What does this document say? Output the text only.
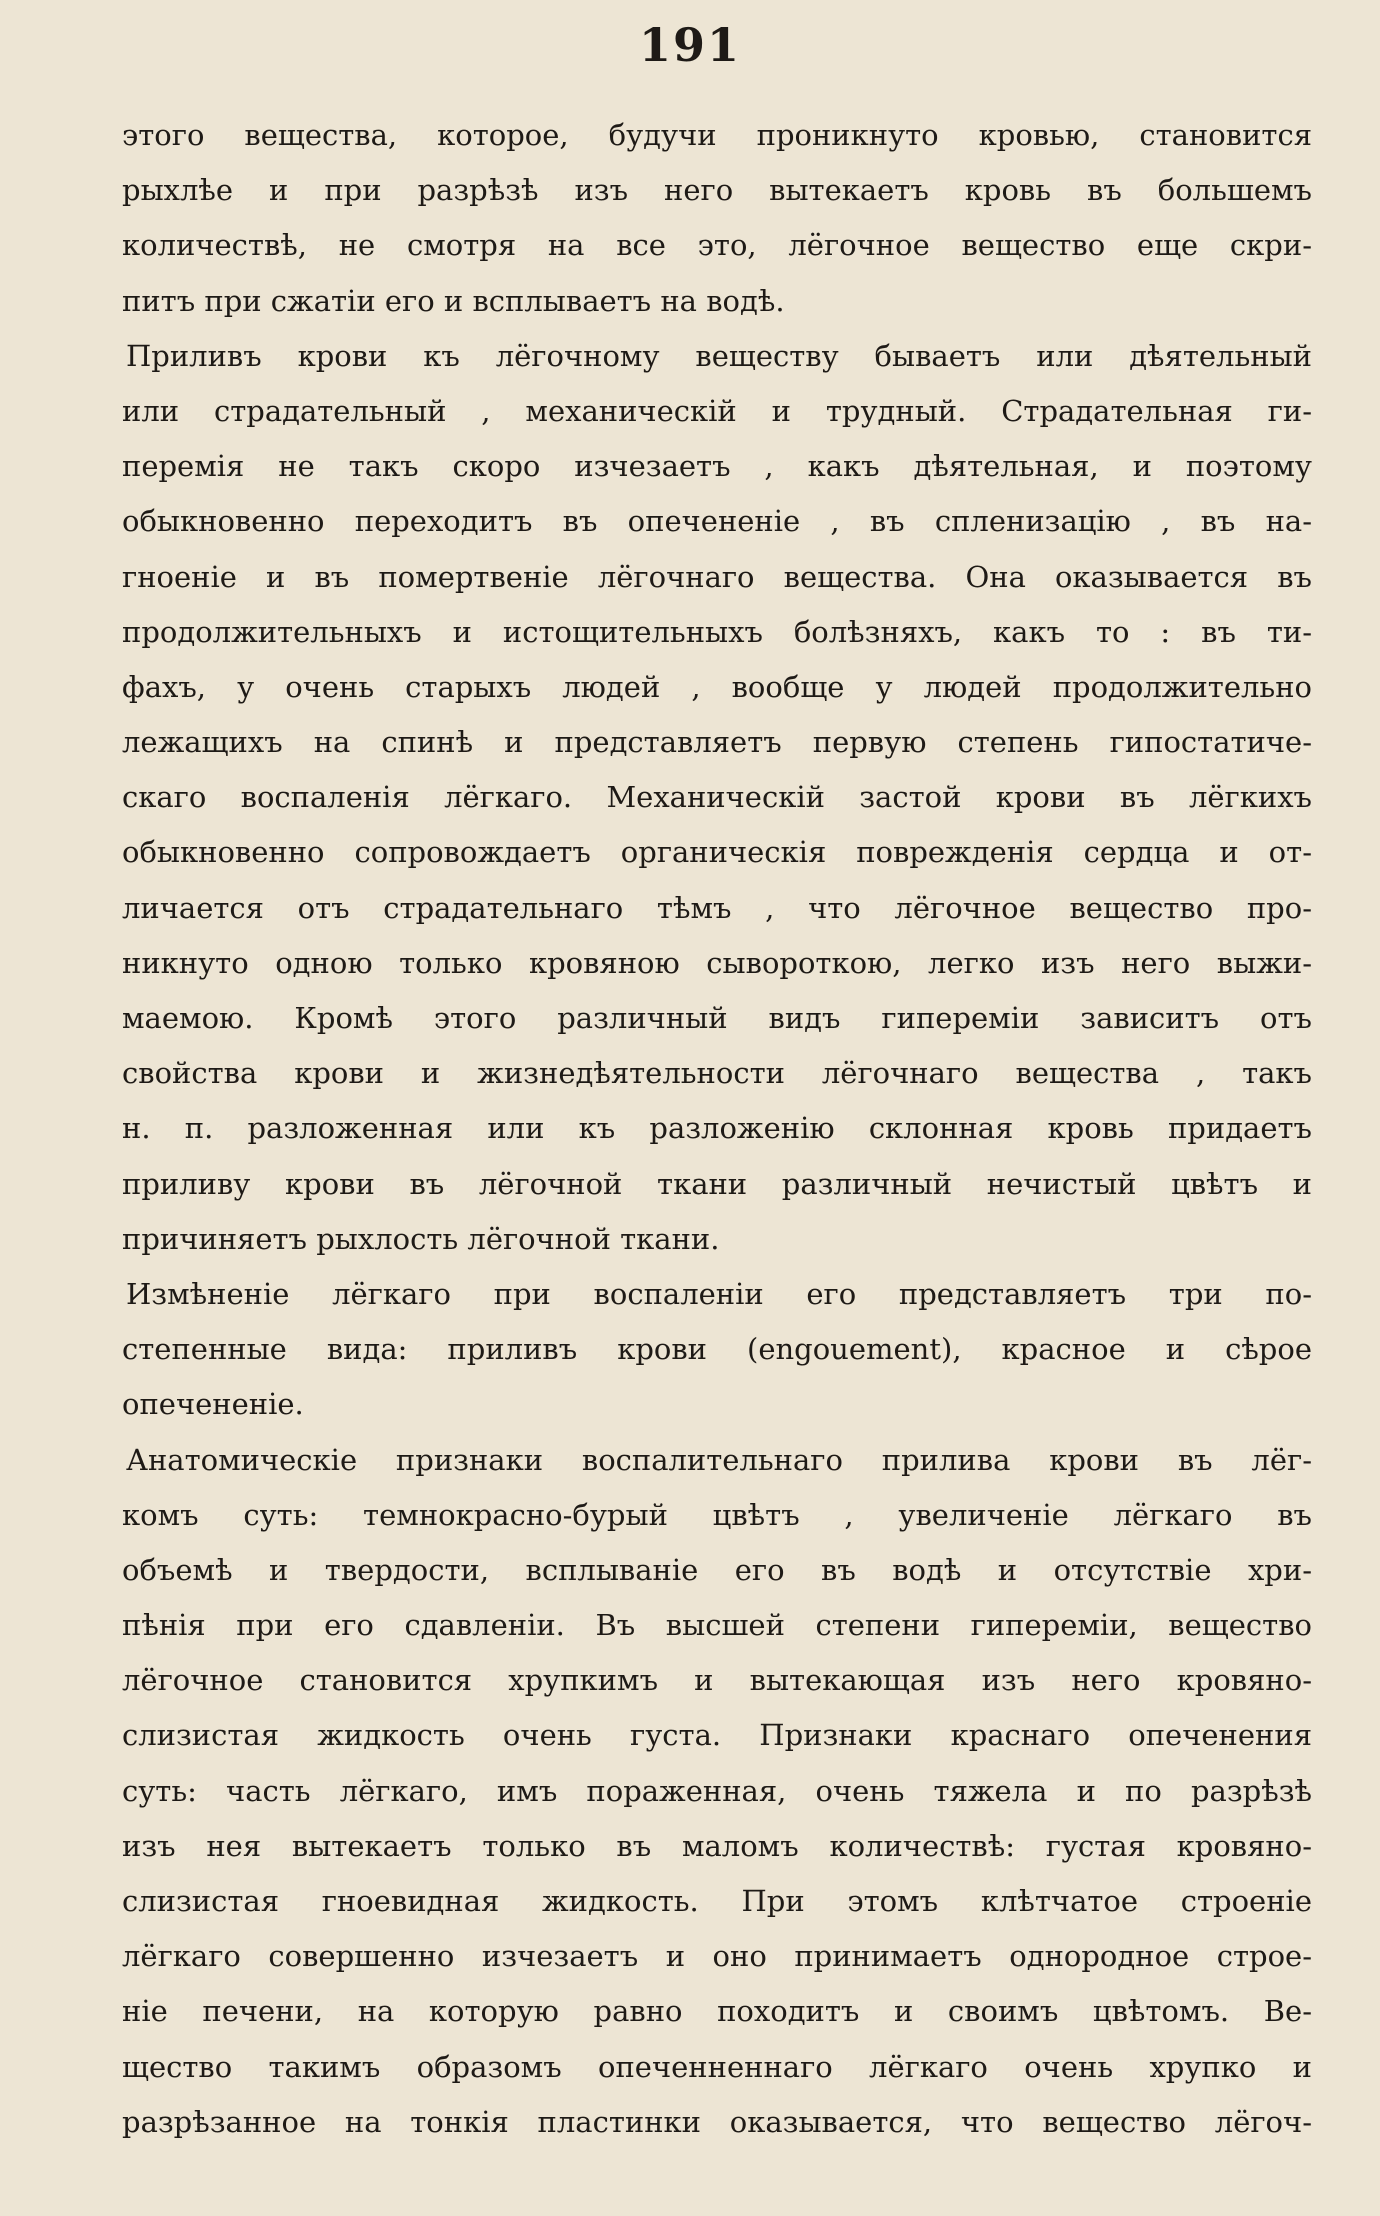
191
этого вещества, которое, будучи проникнуто кровью, становится
рыхлѣе и при разрѣзѣ изъ него вытекаетъ кровь въ большемъ
количествѣ, не смотря на все это, лёгочное вещество еще скри-
питъ при сжатіи его и всплываетъ на водѣ.
Приливъ крови къ лёгочному веществу бываетъ или дѣятельный
или страдательный , механическій и трудный. Страдательная ги-
перемія не такъ скоро изчезаетъ , какъ дѣятельная, и поэтому
обыкновенно переходитъ въ опечененіе , въ спленизацію , въ на-
гноеніе и въ помертвеніе лёгочнаго вещества. Она оказывается въ
продолжительныхъ и истощительныхъ болѣзняхъ, какъ то : въ ти-
фахъ, у очень старыхъ людей , вообще у людей продолжительно
лежащихъ на спинѣ и представляетъ первую степень гипостатиче-
скаго воспаленія лёгкаго. Механическій застой крови въ лёгкихъ
обыкновенно сопровождаетъ органическія поврежденія сердца и от-
личается отъ страдательнаго тѣмъ , что лёгочное вещество про-
никнуто одною только кровяною сывороткою, легко изъ него выжи-
маемою. Кромѣ этого различный видъ гипереміи зависитъ отъ
свойства крови и жизнедѣятельности лёгочнаго вещества , такъ
н. п. разложенная или къ разложенію склонная кровь придаетъ
приливу крови въ лёгочной ткани различный нечистый цвѣтъ и
причиняетъ рыхлость лёгочной ткани.
Измѣненіе лёгкаго при воспаленіи его представляетъ три по-
степенные вида: приливъ крови (engouement), красное и сѣрое
опечененіе.
Анатомическіе признаки воспалительнаго прилива крови въ лёг-
комъ суть: темнокрасно-бурый цвѣтъ , увеличеніе лёгкаго въ
объемѣ и твердости, всплываніе его въ водѣ и отсутствіе хри-
пѣнія при его сдавленіи. Въ высшей степени гипереміи, вещество
лёгочное становится хрупкимъ и вытекающая изъ него кровяно-
слизистая жидкость очень густа. Признаки краснаго опеченения
суть: часть лёгкаго, имъ пораженная, очень тяжела и по разрѣзѣ
изъ нея вытекаетъ только въ маломъ количествѣ: густая кровяно-
слизистая гноевидная жидкость. При этомъ клѣтчатое строеніе
лёгкаго совершенно изчезаетъ и оно принимаетъ однородное строе-
ніе печени, на которую равно походитъ и своимъ цвѣтомъ. Ве-
щество такимъ образомъ опеченненнаго лёгкаго очень хрупко и
разрѣзанное на тонкія пластинки оказывается, что вещество лёгоч-
